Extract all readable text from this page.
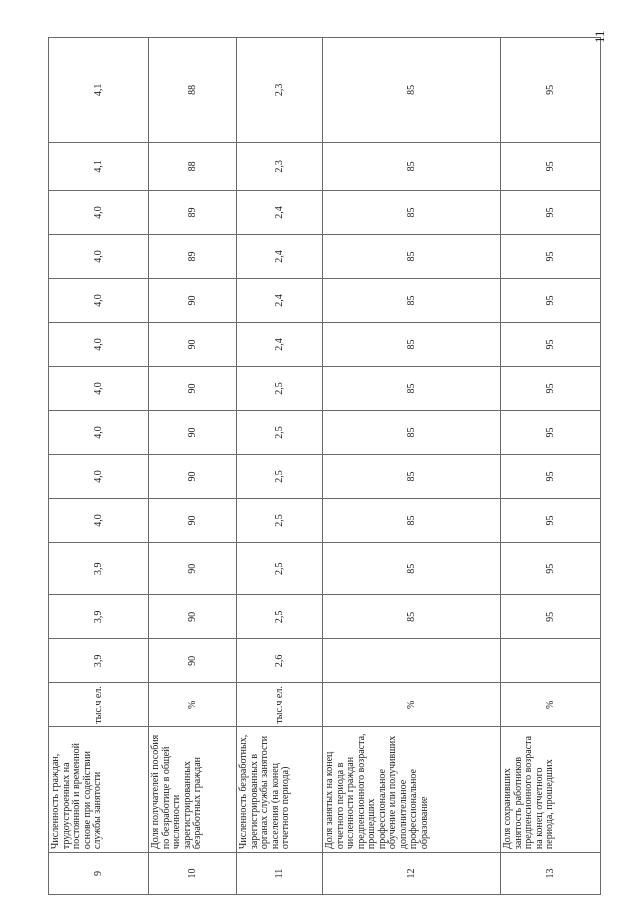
9	Численность граждан, трудоустроенных на постоянной и временной основе при содействии службы занятости	тыс.ч ел.	3,9	3,9	3,9	4,0	4,0	4,0	4,0	4,0	4,0	4,0	4,0	4,1	4,1
10	Доля получателей пособия по безработице в общей численности зарегистрированных безработных граждан	%	90	90	90	90	90	90	90	90	90	89	89	88	88
11	Численность безработных, зарегистрированных в органах службы занятости населения (на конец отчетного периода)	тыс.ч ел.	2,6	2,5	2,5	2,5	2,5	2,5	2,5	2,4	2,4	2,4	2,4	2,3	2,3
12	Доля занятых на конец отчетного периода в численности граждан предпенсионного возраста, прошедших профессиональное обучение или получивших дополнительное профессиональное образование	%		85	85	85	85	85	85	85	85	85	85	85	85
13	Доля сохранивших занятость работников предпенсионного возраста на конец отчетного периода, прошедших	%		95	95	95	95	95	95	95	95	95	95	95	95
11
